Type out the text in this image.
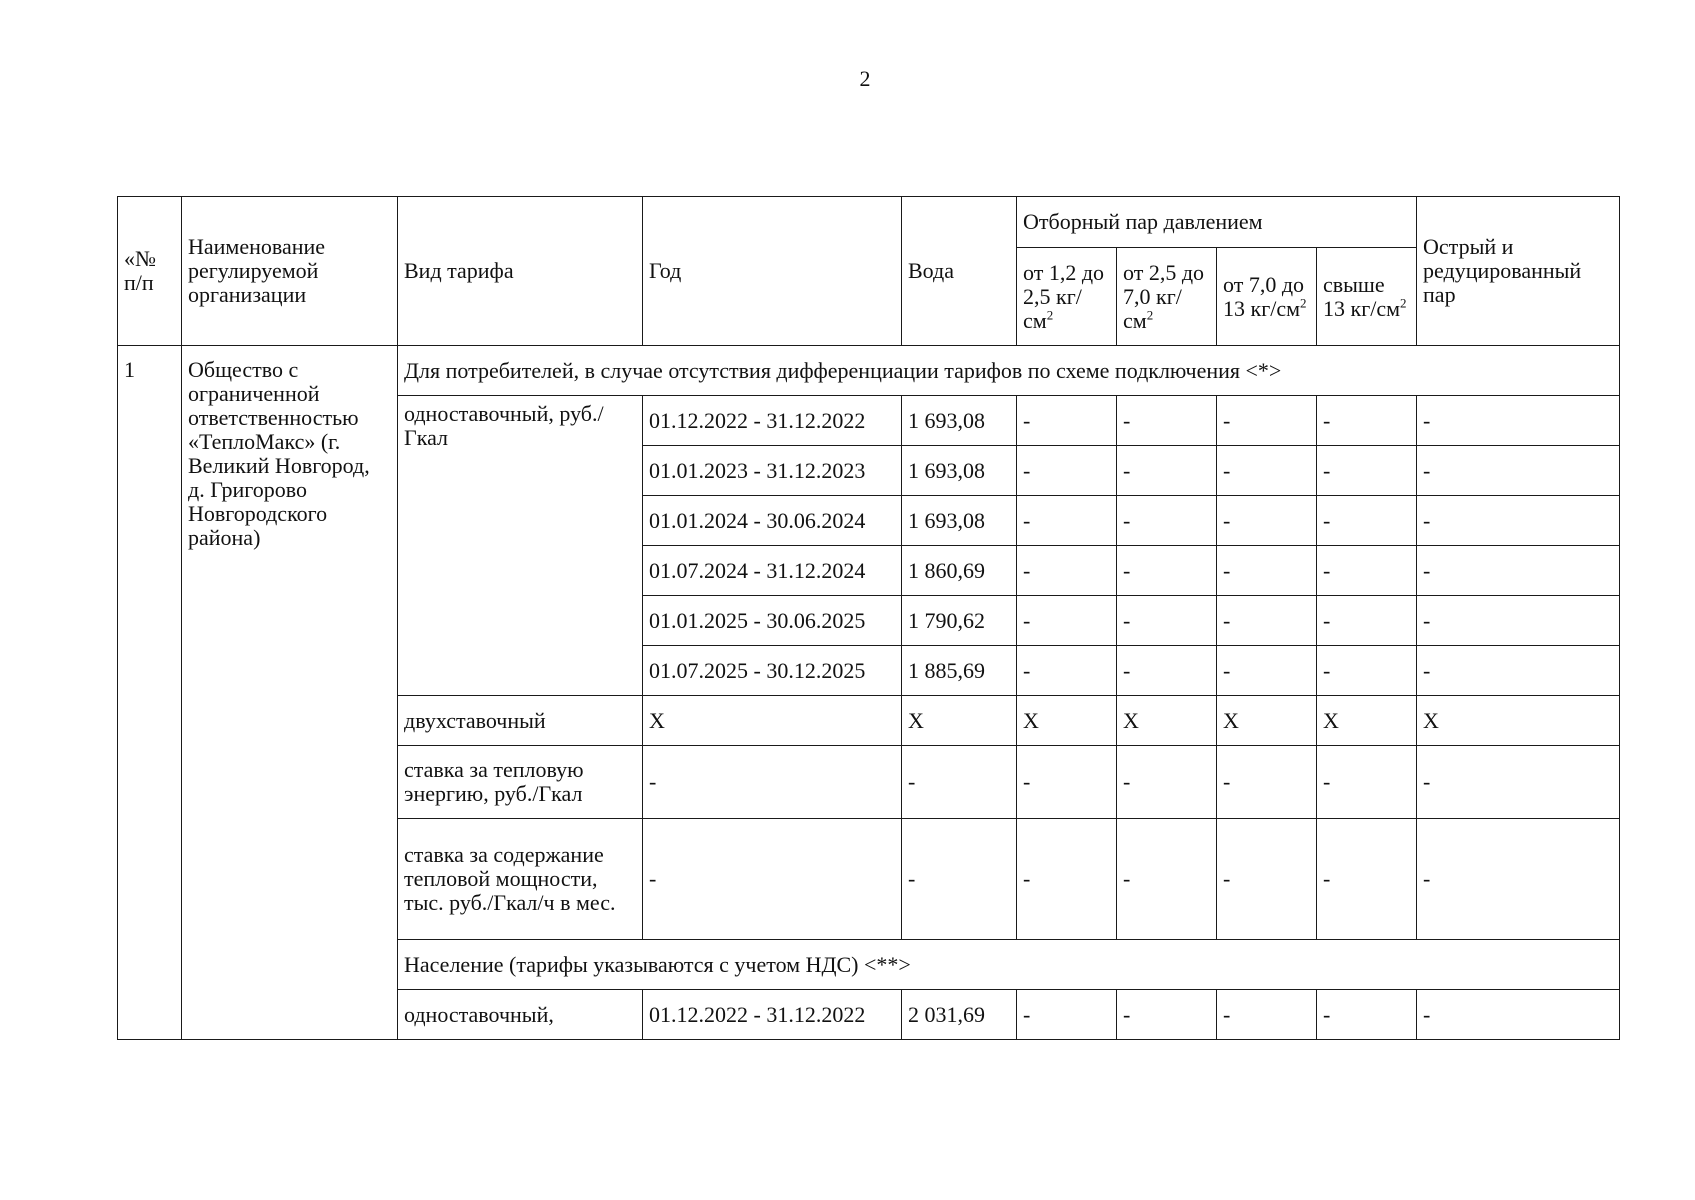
2
«№ п/п	Наименование регулируемой организации	Вид тарифа	Год	Вода	Отборный пар давлением				Острый и редуцированный пар
					от 1,2 до 2,5 $кг/см^2$	от 2,5 до 7,0 $кг/см^2$	от 7,0 до 13 $кг/см^2$	свыше 13 $кг/см^2$
1	Общество с ограниченной ответственностью «ТеплоМакс» (г. Великий Новгород, д. Григорово Новгородского района)	Для потребителей, в случае отсутствия дифференциации тарифов по схеме подключения <*>							
		одноставочный, руб./Гкал	01.12.2022 - 31.12.2022	1 693,08	-	-	-	-	-
			01.01.2023 - 31.12.2023	1 693,08	-	-	-	-	-
			01.01.2024 - 30.06.2024	1 693,08	-	-	-	-	-
			01.07.2024 - 31.12.2024	1 860,69	-	-	-	-	-
			01.01.2025 - 30.06.2025	1 790,62	-	-	-	-	-
			01.07.2025 - 30.12.2025	1 885,69	-	-	-	-	-
		двухставочный	X	X	X	X	X	X	X
		ставка за тепловую энергию, руб./Гкал	-	-	-	-	-	-	-
		ставка за содержание тепловой мощности, тыс. руб./Гкал/ч в мес.	-	-	-	-	-	-	-
		Население (тарифы указываются с учетом НДС) <**>							
		одноставочный,	01.12.2022 - 31.12.2022	2 031,69	-	-	-	-	-
